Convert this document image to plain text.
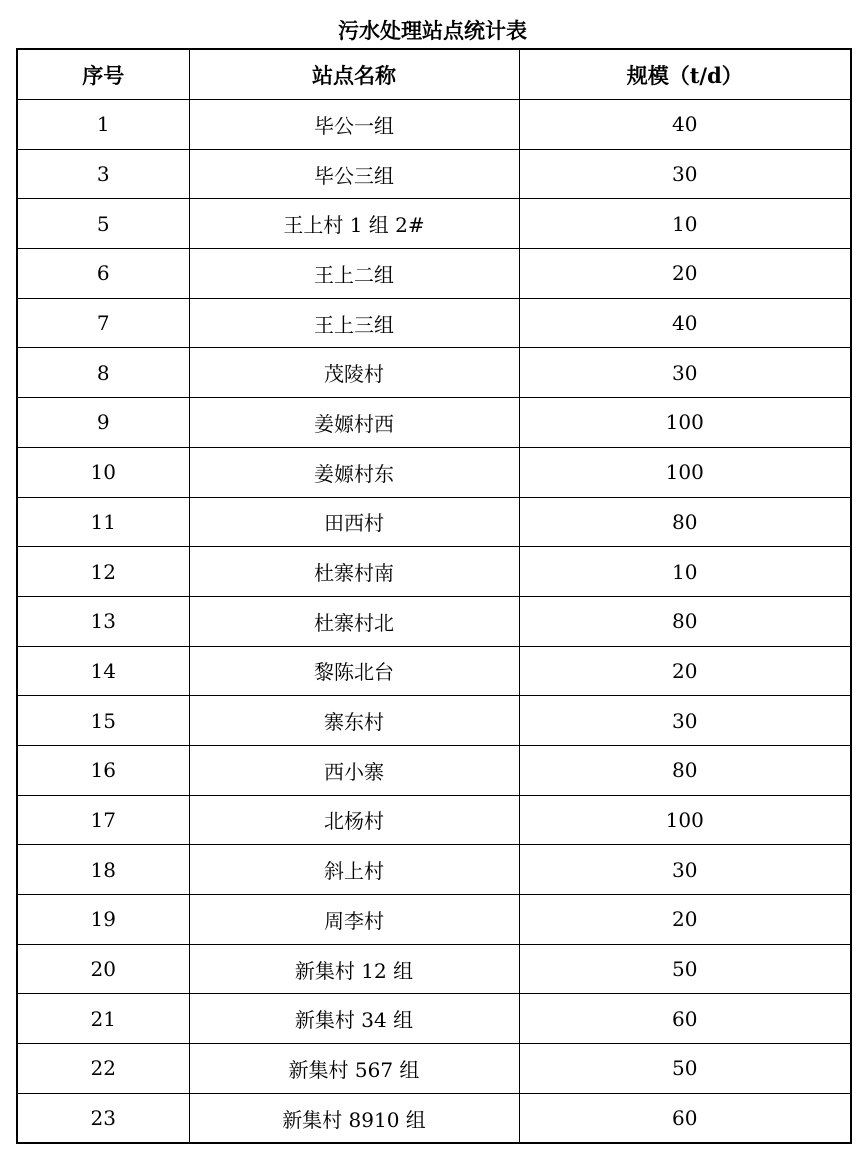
污水处理站点统计表
序号	站点名称	规模（t/d）
1	毕公一组	40
3	毕公三组	30
5	王上村 1 组 2#	10
6	王上二组	20
7	王上三组	40
8	茂陵村	30
9	姜嫄村西	100
10	姜嫄村东	100
11	田西村	80
12	杜寨村南	10
13	杜寨村北	80
14	黎陈北台	20
15	寨东村	30
16	西小寨	80
17	北杨村	100
18	斜上村	30
19	周李村	20
20	新集村 12 组	50
21	新集村 34 组	60
22	新集村 567 组	50
23	新集村 8910 组	60
